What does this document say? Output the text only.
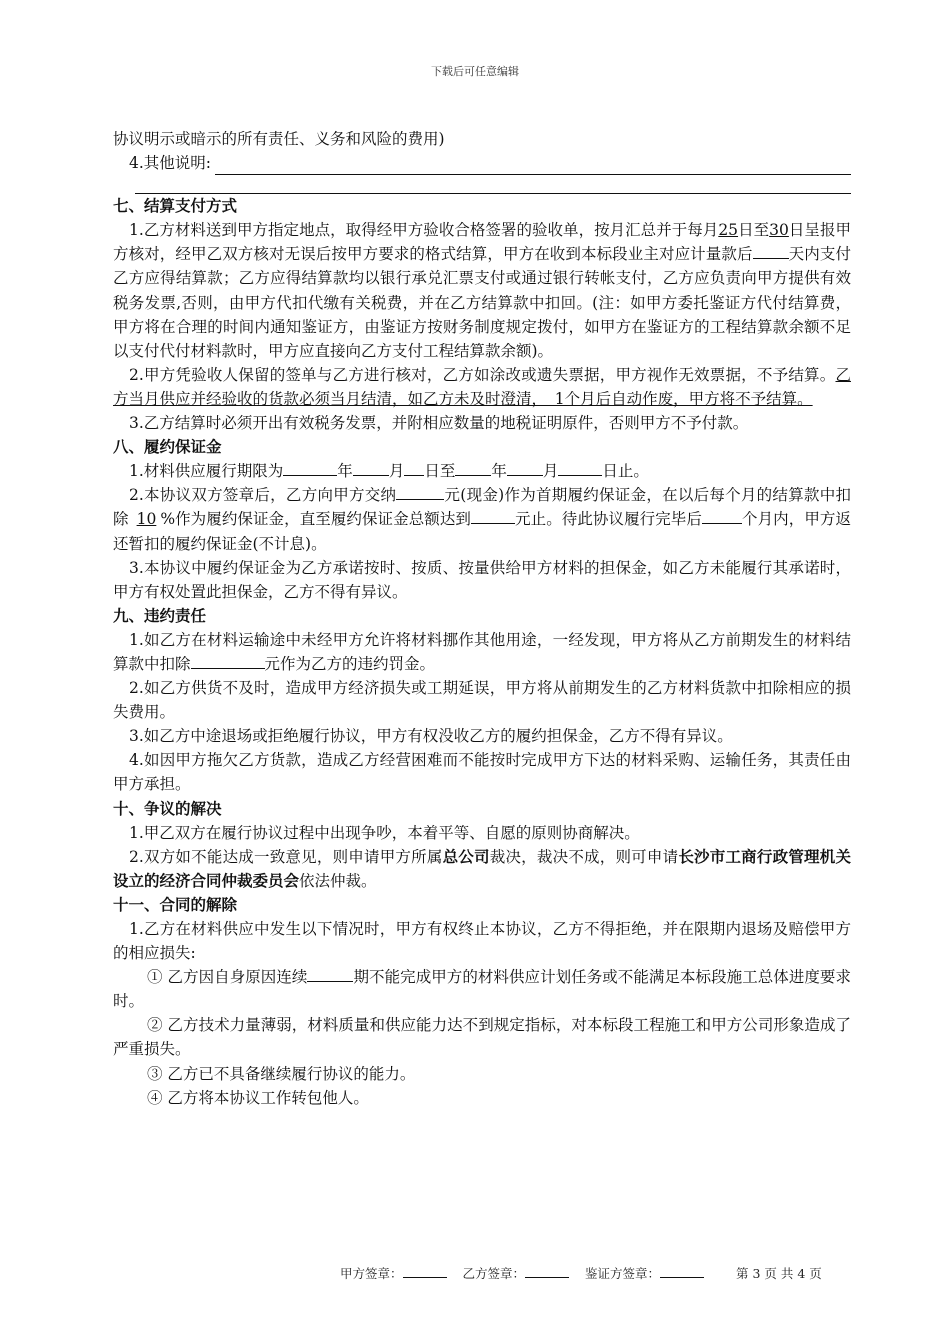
下载后可任意编辑

协议明示或暗示的所有责任、义务和风险的费用)

4.其他说明:

七、结算支付方式

1.乙方材料送到甲方指定地点，取得经甲方验收合格签署的验收单，按月汇总并于每月25日至30日呈报甲方核对，经甲乙双方核对无误后按甲方要求的格式结算，甲方在收到本标段业主对应计量款后 天内支付乙方应得结算款；乙方应得结算款均以银行承兑汇票支付或通过银行转帐支付，乙方应负责向甲方提供有效税务发票,否则，由甲方代扣代缴有关税费，并在乙方结算款中扣回。(注：如甲方委托鉴证方代付结算费，甲方将在合理的时间内通知鉴证方，由鉴证方按财务制度规定拨付，如甲方在鉴证方的工程结算款余额不足以支付代付材料款时，甲方应直接向乙方支付工程结算款余额)。

2.甲方凭验收人保留的签单与乙方进行核对，乙方如涂改或遗失票据，甲方视作无效票据，不予结算。乙方当月供应并经验收的货款必须当月结清，如乙方未及时澄清，　1个月后自动作废，甲方将不予结算。

3.乙方结算时必须开出有效税务发票，并附相应数量的地税证明原件，否则甲方不予付款。

八、履约保证金

1.材料供应履行期限为	年 月 日至 年 月	日止。

2.本协议双方签章后，乙方向甲方交纳	元(现金)作为首期履约保证金，在以后每个月的结算款中扣除 10 %作为履约保证金，直至履约保证金总额达到	元止。待此协议履行完毕后	个月内，甲方返还暂扣的履约保证金(不计息)。

3.本协议中履约保证金为乙方承诺按时、按质、按量供给甲方材料的担保金，如乙方未能履行其承诺时，甲方有权处置此担保金，乙方不得有异议。

九、违约责任

1.如乙方在材料运输途中未经甲方允许将材料挪作其他用途，一经发现，甲方将从乙方前期发生的材料结算款中扣除	元作为乙方的违约罚金。

2.如乙方供货不及时，造成甲方经济损失或工期延误，甲方将从前期发生的乙方材料货款中扣除相应的损失费用。

3.如乙方中途退场或拒绝履行协议，甲方有权没收乙方的履约担保金，乙方不得有异议。

4.如因甲方拖欠乙方货款，造成乙方经营困难而不能按时完成甲方下达的材料采购、运输任务，其责任由甲方承担。

十、争议的解决

1.甲乙双方在履行协议过程中出现争吵，本着平等、自愿的原则协商解决。

2.双方如不能达成一致意见，则申请甲方所属总公司裁决，裁决不成，则可申请长沙市工商行政管理机关设立的经济合同仲裁委员会依法仲裁。

十一、合同的解除

1.乙方在材料供应中发生以下情况时，甲方有权终止本协议，乙方不得拒绝，并在限期内退场及赔偿甲方的相应损失:

① 乙方因自身原因连续	期不能完成甲方的材料供应计划任务或不能满足本标段施工总体进度要求时。

② 乙方技术力量薄弱，材料质量和供应能力达不到规定指标，对本标段工程施工和甲方公司形象造成了严重损失。

③ 乙方已不具备继续履行协议的能力。

④ 乙方将本协议工作转包他人。

甲方签章：	乙方签章：	鉴证方签章：	第 3 页 共 4 页
